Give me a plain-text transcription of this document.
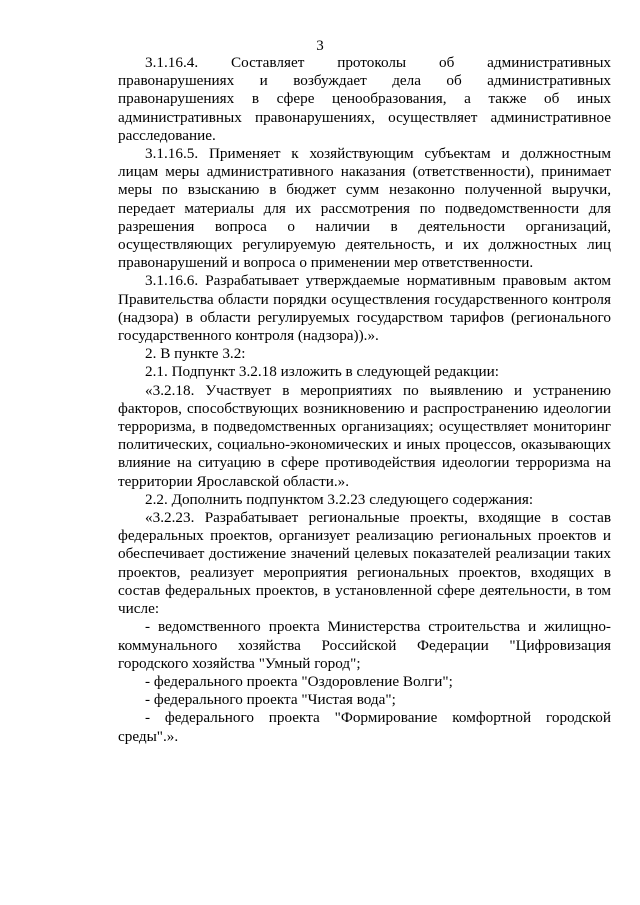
3

3.1.16.4. Составляет протоколы об административных правонарушениях и возбуждает дела об административных правонарушениях в сфере ценообразования, а также об иных административных правонарушениях, осуществляет административное расследование.

3.1.16.5. Применяет к хозяйствующим субъектам и должностным лицам меры административного наказания (ответственности), принимает меры по взысканию в бюджет сумм незаконно полученной выручки, передает материалы для их рассмотрения по подведомственности для разрешения вопроса о наличии в деятельности организаций, осуществляющих регулируемую деятельность, и их должностных лиц правонарушений и вопроса о применении мер ответственности.

3.1.16.6. Разрабатывает утверждаемые нормативным правовым актом Правительства области порядки осуществления государственного контроля (надзора) в области регулируемых государством тарифов (регионального государственного контроля (надзора)).».

2. В пункте 3.2:

2.1. Подпункт 3.2.18 изложить в следующей редакции:

«3.2.18. Участвует в мероприятиях по выявлению и устранению факторов, способствующих возникновению и распространению идеологии терроризма, в подведомственных организациях; осуществляет мониторинг политических, социально-экономических и иных процессов, оказывающих влияние на ситуацию в сфере противодействия идеологии терроризма на территории Ярославской области.».

2.2. Дополнить подпунктом 3.2.23 следующего содержания:

«3.2.23. Разрабатывает региональные проекты, входящие в состав федеральных проектов, организует реализацию региональных проектов и обеспечивает достижение значений целевых показателей реализации таких проектов, реализует мероприятия региональных проектов, входящих в состав федеральных проектов, в установленной сфере деятельности, в том числе:

- ведомственного проекта Министерства строительства и жилищно-коммунального хозяйства Российской Федерации "Цифровизация городского хозяйства "Умный город";

- федерального проекта "Оздоровление Волги";

- федерального проекта "Чистая вода";

- федерального проекта "Формирование комфортной городской среды".».
